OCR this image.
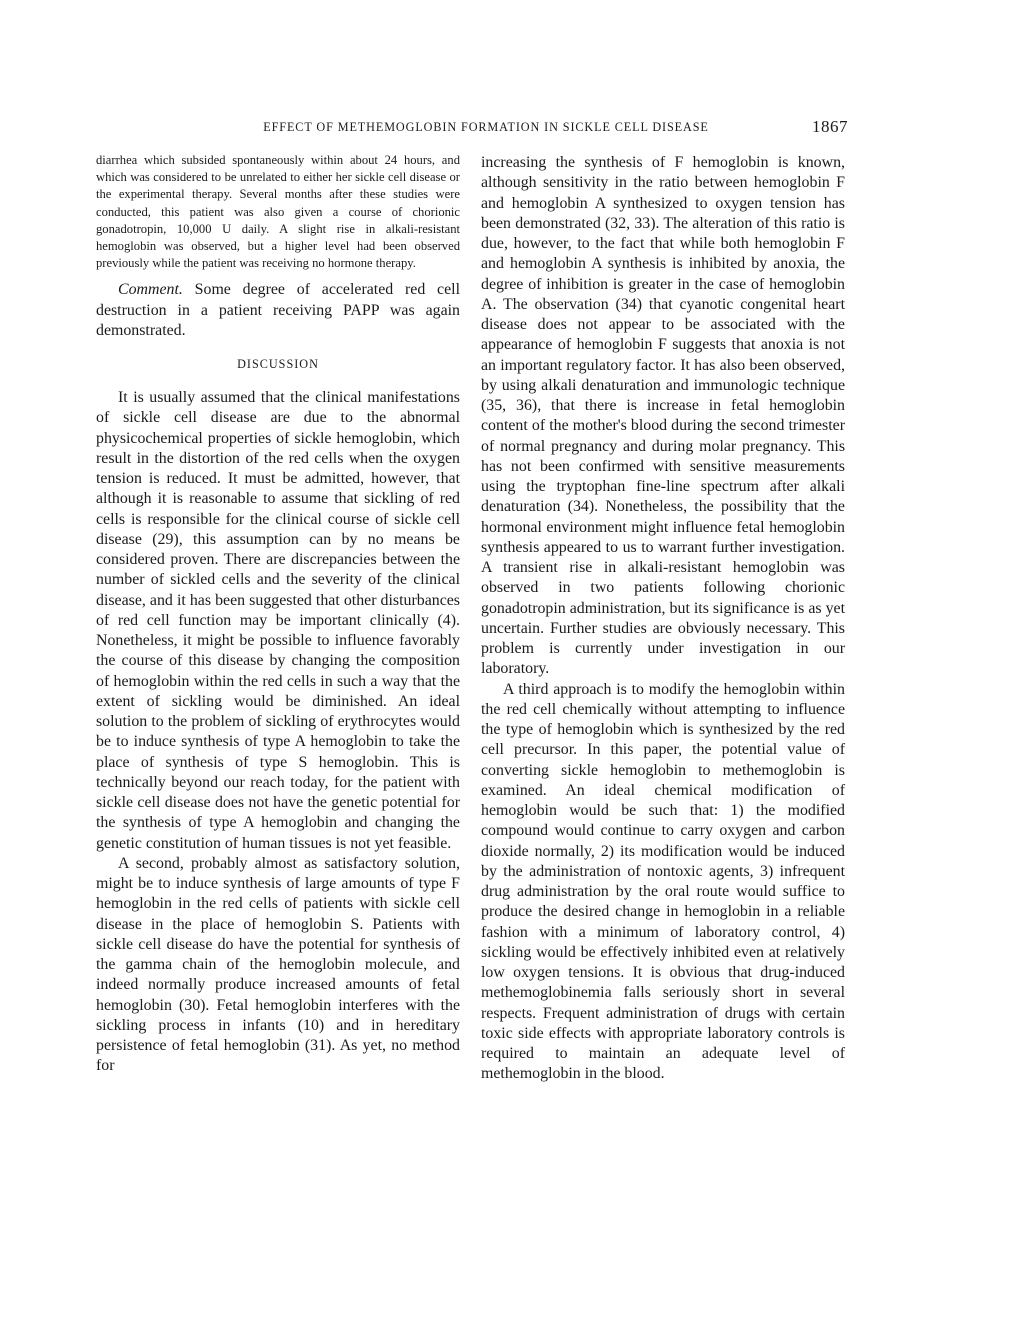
EFFECT OF METHEMOGLOBIN FORMATION IN SICKLE CELL DISEASE	1867

diarrhea which subsided spontaneously within about 24 hours, and which was considered to be unrelated to either her sickle cell disease or the experimental therapy. Several months after these studies were conducted, this patient was also given a course of chorionic gonadotropin, 10,000 U daily. A slight rise in alkali-resistant hemoglobin was observed, but a higher level had been observed previously while the patient was receiving no hormone therapy.

Comment. Some degree of accelerated red cell destruction in a patient receiving PAPP was again demonstrated.

DISCUSSION

It is usually assumed that the clinical manifestations of sickle cell disease are due to the abnormal physicochemical properties of sickle hemoglobin, which result in the distortion of the red cells when the oxygen tension is reduced. It must be admitted, however, that although it is reasonable to assume that sickling of red cells is responsible for the clinical course of sickle cell disease (29), this assumption can by no means be considered proven. There are discrepancies between the number of sickled cells and the severity of the clinical disease, and it has been suggested that other disturbances of red cell function may be important clinically (4). Nonetheless, it might be possible to influence favorably the course of this disease by changing the composition of hemoglobin within the red cells in such a way that the extent of sickling would be diminished. An ideal solution to the problem of sickling of erythrocytes would be to induce synthesis of type A hemoglobin to take the place of synthesis of type S hemoglobin. This is technically beyond our reach today, for the patient with sickle cell disease does not have the genetic potential for the synthesis of type A hemoglobin and changing the genetic constitution of human tissues is not yet feasible.

A second, probably almost as satisfactory solution, might be to induce synthesis of large amounts of type F hemoglobin in the red cells of patients with sickle cell disease in the place of hemoglobin S. Patients with sickle cell disease do have the potential for synthesis of the gamma chain of the hemoglobin molecule, and indeed normally produce increased amounts of fetal hemoglobin (30). Fetal hemoglobin interferes with the sickling process in infants (10) and in hereditary persistence of fetal hemoglobin (31). As yet, no method for

increasing the synthesis of F hemoglobin is known, although sensitivity in the ratio between hemoglobin F and hemoglobin A synthesized to oxygen tension has been demonstrated (32, 33). The alteration of this ratio is due, however, to the fact that while both hemoglobin F and hemoglobin A synthesis is inhibited by anoxia, the degree of inhibition is greater in the case of hemoglobin A. The observation (34) that cyanotic congenital heart disease does not appear to be associated with the appearance of hemoglobin F suggests that anoxia is not an important regulatory factor. It has also been observed, by using alkali denaturation and immunologic technique (35, 36), that there is increase in fetal hemoglobin content of the mother's blood during the second trimester of normal pregnancy and during molar pregnancy. This has not been confirmed with sensitive measurements using the tryptophan fine-line spectrum after alkali denaturation (34). Nonetheless, the possibility that the hormonal environment might influence fetal hemoglobin synthesis appeared to us to warrant further investigation. A transient rise in alkali-resistant hemoglobin was observed in two patients following chorionic gonadotropin administration, but its significance is as yet uncertain. Further studies are obviously necessary. This problem is currently under investigation in our laboratory.

A third approach is to modify the hemoglobin within the red cell chemically without attempting to influence the type of hemoglobin which is synthesized by the red cell precursor. In this paper, the potential value of converting sickle hemoglobin to methemoglobin is examined. An ideal chemical modification of hemoglobin would be such that: 1) the modified compound would continue to carry oxygen and carbon dioxide normally, 2) its modification would be induced by the administration of nontoxic agents, 3) infrequent drug administration by the oral route would suffice to produce the desired change in hemoglobin in a reliable fashion with a minimum of laboratory control, 4) sickling would be effectively inhibited even at relatively low oxygen tensions. It is obvious that drug-induced methemoglobinemia falls seriously short in several respects. Frequent administration of drugs with certain toxic side effects with appropriate laboratory controls is required to maintain an adequate level of methemoglobin in the blood.
